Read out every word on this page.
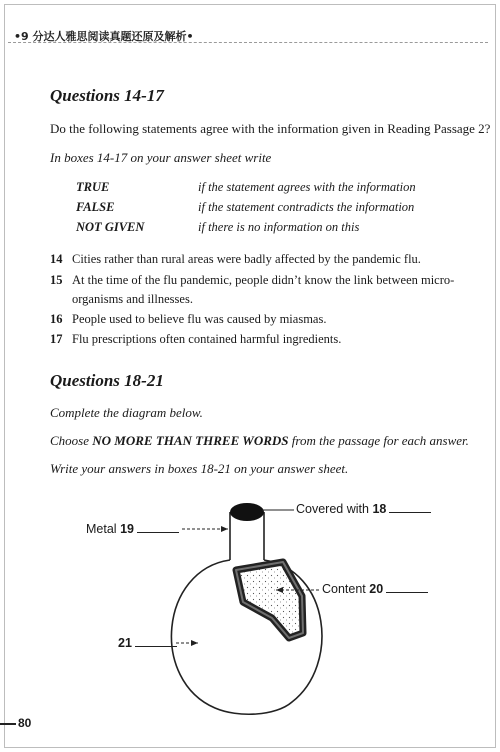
•9 分达人雅思阅读真题还原及解析•
Questions 14-17
Do the following statements agree with the information given in Reading Passage 2?
In boxes 14-17 on your answer sheet write
TRUE	if the statement agrees with the information
FALSE	if the statement contradicts the information
NOT GIVEN	if there is no information on this
14 Cities rather than rural areas were badly affected by the pandemic flu.
15 At the time of the flu pandemic, people didn’t know the link between micro-
organisms and illnesses.
16 People used to believe flu was caused by miasmas.
17 Flu prescriptions often contained harmful ingredients.
Questions 18-21
Complete the diagram below.
Choose NO MORE THAN THREE WORDS from the passage for each answer.
Write your answers in boxes 18-21 on your answer sheet.
Covered with 18
Metal 19
Content 20
21
80
